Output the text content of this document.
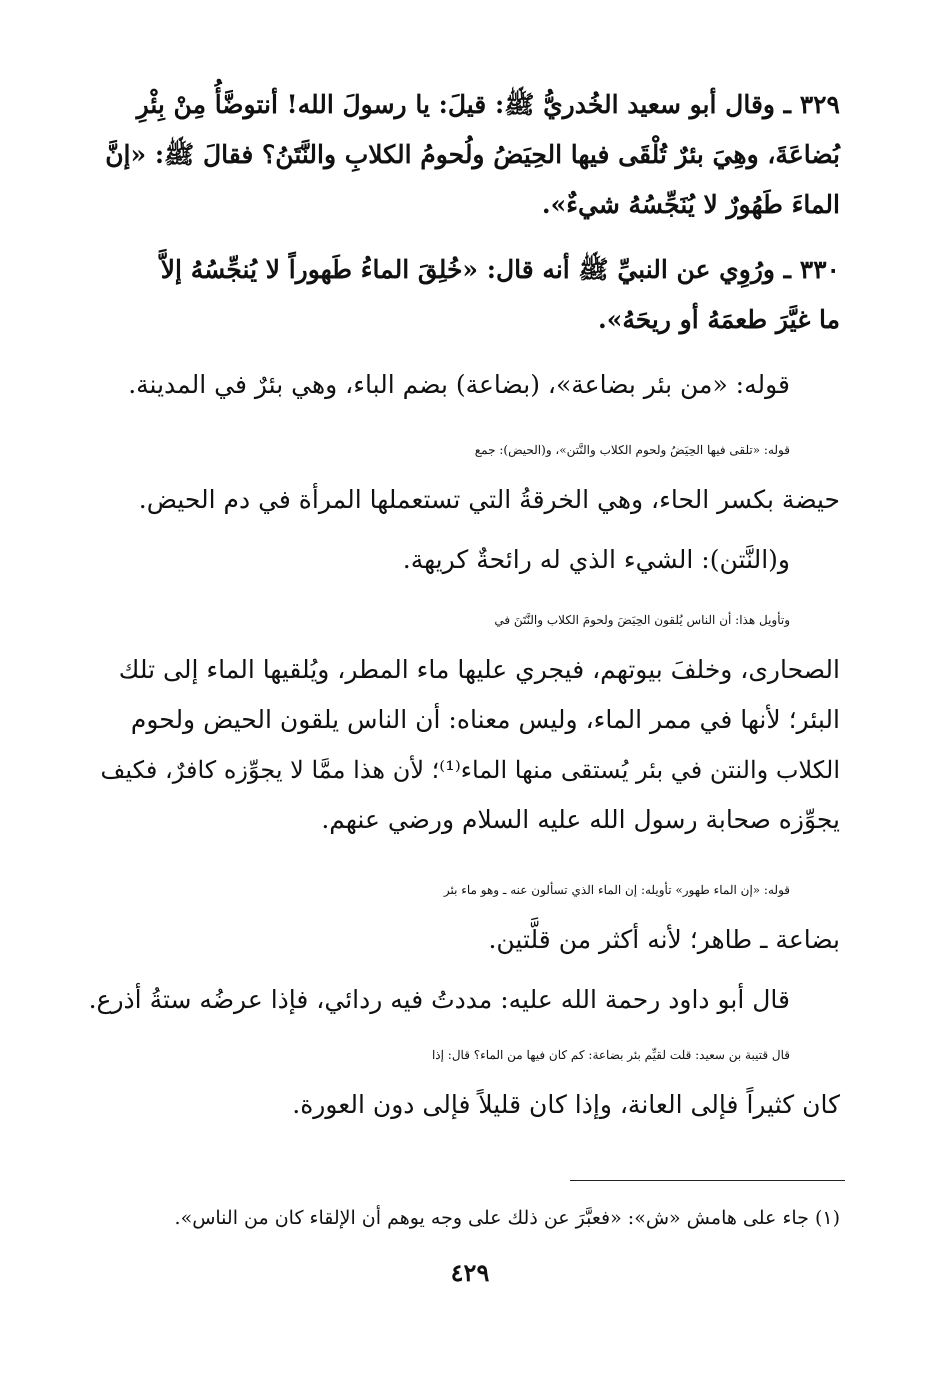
٣٢٩ ـ وقال أبو سعيد الخُدريُّ ﷺ: قيلَ: يا رسولَ الله! أنتوضَّأُ مِنْ بِئْرِ
بُضاعَةَ، وهِيَ بئرٌ تُلْقَى فيها الحِيَضُ ولُحومُ الكلابِ والنَّتَنُ؟ فقالَ ﷺ: «إنَّ
الماءَ طَهُورٌ لا يُنَجِّسُهُ شيءٌ».
٣٣٠ ـ ورُوِي عن النبيِّ ﷺ أنه قال: «خُلِقَ الماءُ طَهوراً لا يُنجِّسُهُ إلاَّ
ما غيَّرَ طعمَهُ أو ريحَهُ».
قوله: «من بئر بضاعة»، (بضاعة) بضم الباء، وهي بئرٌ في المدينة.
قوله: «تلقى فيها الحِيَضُ ولحوم الكلاب والنَّتن»، و(الحيض): جمع
حيضة بكسر الحاء، وهي الخرقةُ التي تستعملها المرأة في دم الحيض.
و(النَّتن): الشيء الذي له رائحةٌ كريهة.
وتأويل هذا: أن الناس يُلقون الحِيَضَ ولحومَ الكلاب والنَّتَنَ في
الصحارى، وخلفَ بيوتهم، فيجري عليها ماء المطر، ويُلقيها الماء إلى تلك
البئر؛ لأنها في ممر الماء، وليس معناه: أن الناس يلقون الحيض ولحوم
الكلاب والنتن في بئر يُستقى منها الماء⁽¹⁾؛ لأن هذا ممَّا لا يجوِّزه كافرٌ، فكيف
يجوِّزه صحابة رسول الله عليه السلام ورضي عنهم.
قوله: «إن الماء طهور» تأويله: إن الماء الذي تسألون عنه ـ وهو ماء بئر
بضاعة ـ طاهر؛ لأنه أكثر من قلَّتين.
قال أبو داود رحمة الله عليه: مددتُ فيه ردائي، فإذا عرضُه ستةُ أذرع.
قال قتيبة بن سعيد: قلت لقيِّم بئر بضاعة: كم كان فيها من الماء؟ قال: إذا
كان كثيراً فإلى العانة، وإذا كان قليلاً فإلى دون العورة.
(١) جاء على هامش «ش»: «فعبَّرَ عن ذلك على وجه يوهم أن الإلقاء كان من الناس».
٤٢٩
